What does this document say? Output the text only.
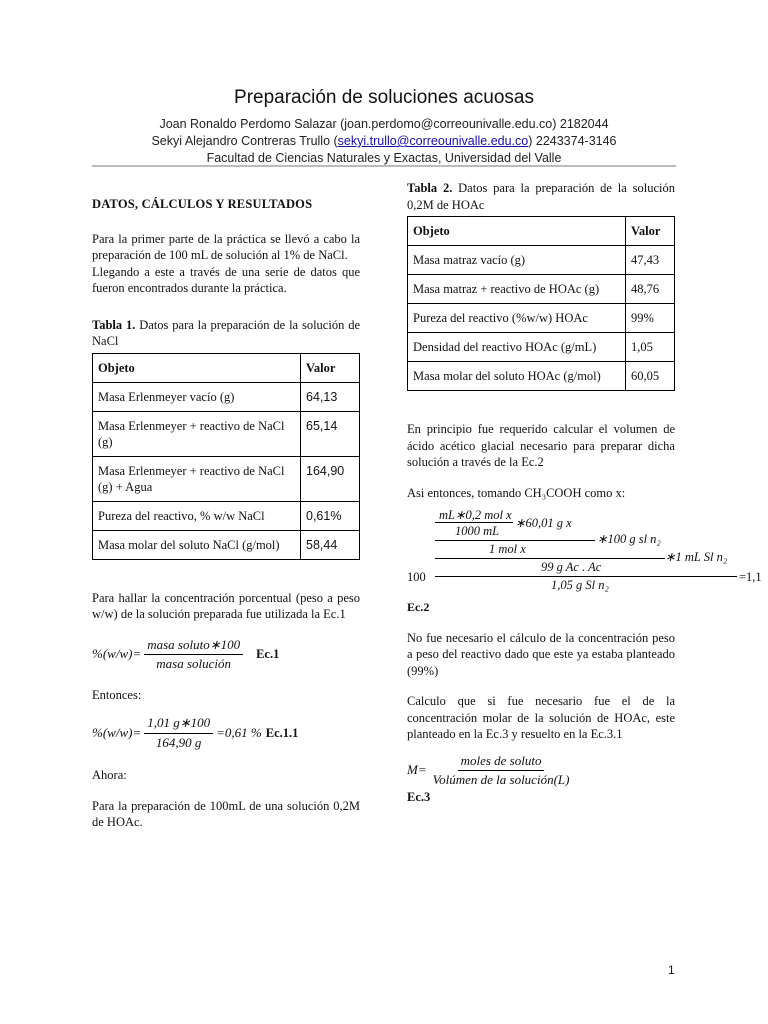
Preparación de soluciones acuosas
Joan Ronaldo Perdomo Salazar (joan.perdomo@correounivalle.edu.co) 2182044
Sekyi Alejandro Contreras Trullo (sekyi.trullo@correounivalle.edu.co) 2243374-3146
Facultad de Ciencias Naturales y Exactas, Universidad del Valle
DATOS, CÁLCULOS Y RESULTADOS

Para la primer parte de la práctica se llevó a cabo la preparación de 100 mL de solución al 1% de NaCl.

Llegando a este a través de una serie de datos que fueron encontrados durante la práctica.

Tabla 1. Datos para la preparación de la solución de NaCl

Objeto	Valor
Masa Erlenmeyer vacío (g)	64,13
Masa Erlenmeyer + reactivo de NaCl (g)	65,14
Masa Erlenmeyer + reactivo de NaCl (g) + Agua	164,90
Pureza del reactivo, % w/w NaCl	0,61%
Masa molar del soluto NaCl (g/mol)	58,44

Para hallar la concentración porcentual (peso a peso w/w) de la solución preparada fue utilizada la Ec.1

$\%(w/w)= \frac{\text{masa soluto∗100}}{\text{masa solución}} Ec.1$

Entonces:

$\%(w/w)= \frac{1,01 g∗100}{164,90 g} =0,61$ % Ec.1.1

Ahora:

Para la preparación de 100mL de una solución 0,2M de HOAc.

Tabla 2. Datos para la preparación de la solución 0,2M de HOAc

Objeto	Valor
Masa matraz vacío (g)	47,43
Masa matraz + reactivo de HOAc (g)	48,76
Pureza del reactivo (%w/w) HOAc	99%
Densidad del reactivo HOAc (g/mL)	1,05
Masa molar del soluto HOAc (g/mol)	60,05

En principio fue requerido calcular el volumen de ácido acético glacial necesario para preparar dicha solución a través de la Ec.2

Asi entonces, tomando CH₃COOH como x:

mL∗0,2 mol x
∗60,01 g x
1000 mL
∗100 g sl n₂
1 mol x
∗1 mL Sl n₂
99 g Ac . Ac
100	=1,1
1,05 g Sl n₂
Ec.2

No fue necesario el cálculo de la concentración peso a peso del reactivo dado que este ya estaba planteado (99%)

Calculo que si fue necesario fue el de la concentración molar de la solución de HOAc, este planteado en la Ec.3 y resuelto en la Ec.3.1

$M= \frac{\text{moles de soluto}}{\text{Volúmen de la solución(L)}}$
Ec.3
1
